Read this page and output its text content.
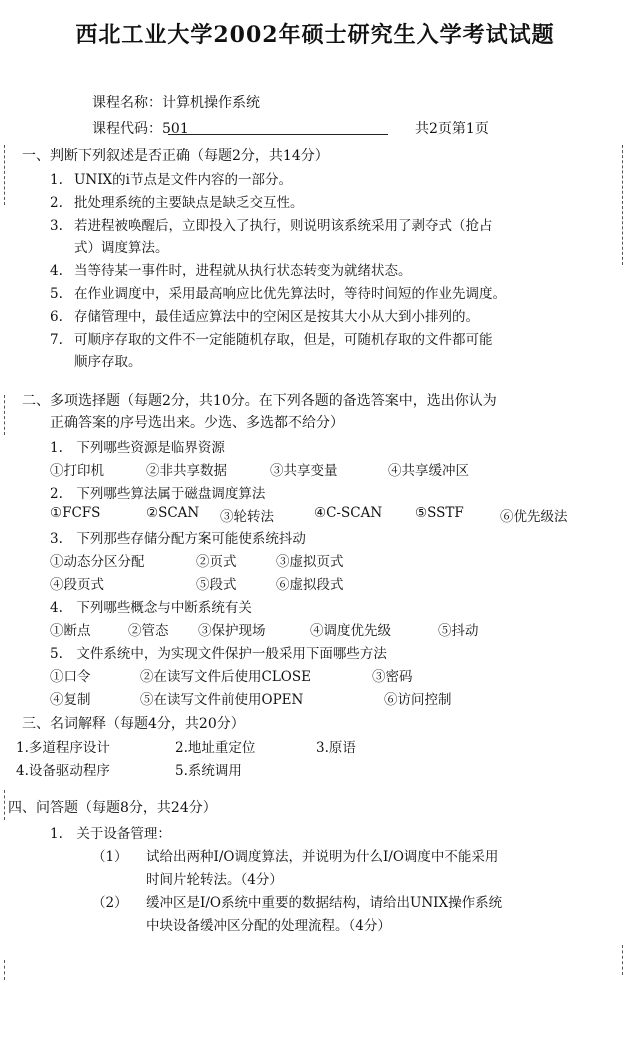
西北工业大学2002年硕士研究生入学考试试题
课程名称：计算机操作系统
课程代码：501	共2页第1页
一、判断下列叙述是否正确（每题2分，共14分）
1. UNIX的i节点是文件内容的一部分。
2. 批处理系统的主要缺点是缺乏交互性。
3. 若进程被唤醒后，立即投入了执行，则说明该系统采用了剥夺式（抢占
式）调度算法。
4. 当等待某一事件时，进程就从执行状态转变为就绪状态。
5. 在作业调度中，采用最高响应比优先算法时，等待时间短的作业先调度。
6. 存储管理中，最佳适应算法中的空闲区是按其大小从大到小排列的。
7. 可顺序存取的文件不一定能随机存取，但是，可随机存取的文件都可能
顺序存取。
二、多项选择题（每题2分，共10分。在下列各题的备选答案中，选出你认为
正确答案的序号选出来。少选、多选都不给分）
1.　下列哪些资源是临界资源
①打印机	②非共享数据	③共享变量	④共享缓冲区
2.　下列哪些算法属于磁盘调度算法
①FCFS	②SCAN ③轮转法	④C-SCAN ⑤SSTF	⑥优先级法
3.　下列那些存储分配方案可能使系统抖动
①动态分区分配	②页式	③虚拟页式
④段页式	⑤段式	⑥虚拟段式
4.　下列哪些概念与中断系统有关
①断点	②管态 ③保护现场	④调度优先级	⑤抖动
5.　文件系统中，为实现文件保护一般采用下面哪些方法
①口令	②在读写文件后使用CLOSE	③密码
④复制	⑤在读写文件前使用OPEN	⑥访问控制
三、名词解释（每题4分，共20分）
1.多道程序设计	2.地址重定位	3.原语
4.设备驱动程序	5.系统调用
四、问答题（每题8分，共24分）
1.　关于设备管理：
（1） 试给出两种I/O调度算法，并说明为什么I/O调度中不能采用
时间片轮转法。（4分）
（2） 缓冲区是I/O系统中重要的数据结构，请给出UNIX操作系统
中块设备缓冲区分配的处理流程。（4分）
